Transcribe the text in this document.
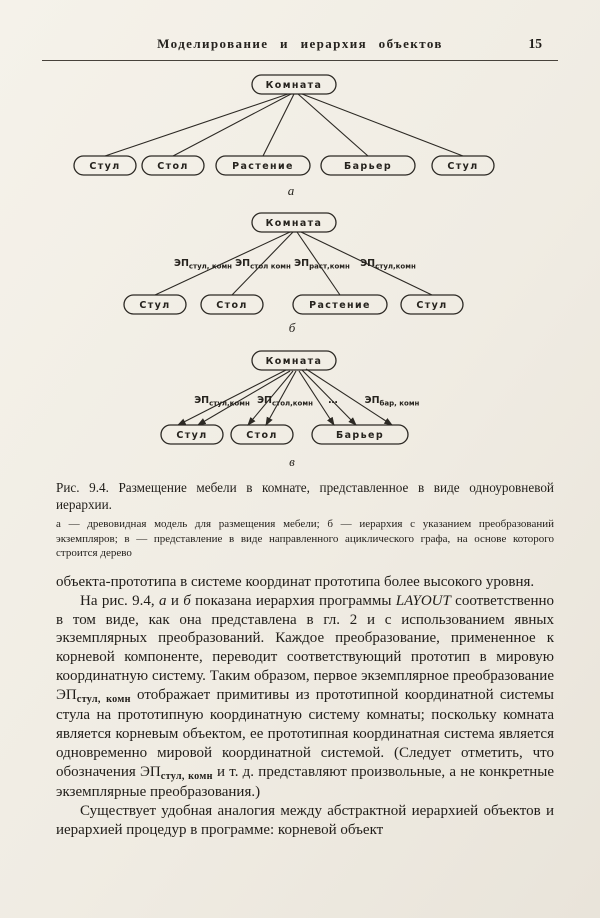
Моделирование и иерархия объектов	15
Комната
Стул	Стол	Растение	Барьер	Стул
а
Комната
$ЭП_{стул, комн}$ $ЭП_{стол комн}$ $ЭП_{раст,комн}$ $ЭП_{стул,комн}$
Стул	Стол	Растение	Стул
б
Комната
$ЭП_{стул,комн}$ $ЭП_{стол,комн}$ …	$ЭП_{бар, комн}$
Стул	Стол	Барьер
в
Рис. 9.4. Размещение мебели в комнате, представленное в виде одноуровневой иерархии.
а — древовидная модель для размещения мебели; б — иерархия с указанием преобразований экземпляров; в — представление в виде направленного ациклического графа, на основе которого строится дерево

объекта-прототипа в системе координат прототипа более высокого уровня.

На рис. 9.4, а и б показана иерархия программы LAYOUT соответственно в том виде, как она представлена в гл. 2 и с использованием явных экземплярных преобразований. Каждое преобразование, примененное к корневой компоненте, переводит соответствующий прототип в мировую координатную систему. Таким образом, первое экземплярное преобразование ЭПстул, комн отображает примитивы из прототипной координатной системы стула на прототипную координатную систему комнаты; поскольку комната является корневым объектом, ее прототипная координатная система является одновременно мировой координатной системой. (Следует отметить, что обозначения ЭПстул, комн и т. д. представляют произвольные, а не конкретные экземплярные преобразования.)

Существует удобная аналогия между абстрактной иерархией объектов и иерархией процедур в программе: корневой объект
